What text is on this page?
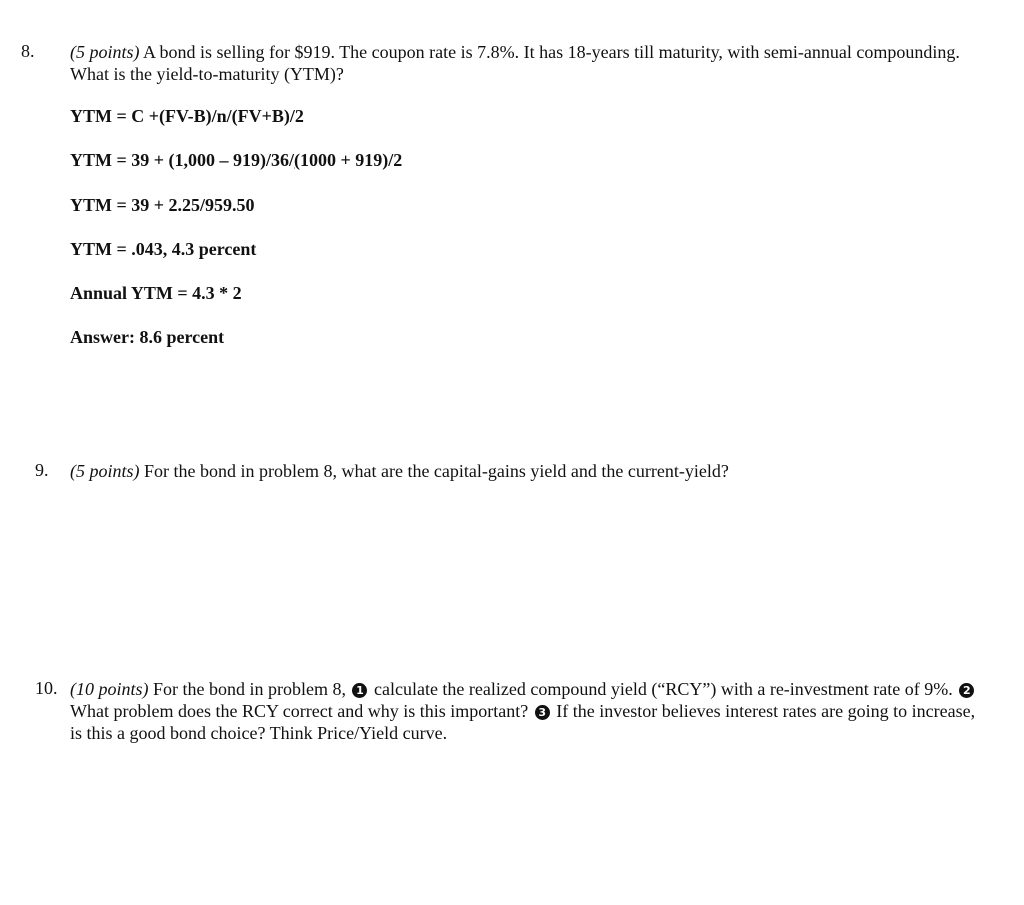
8. (5 points) A bond is selling for $919. The coupon rate is 7.8%. It has 18-years till maturity, with semi-annual compounding. What is the yield-to-maturity (YTM)?
YTM = C +(FV-B)/n/(FV+B)/2
YTM = 39 + (1,000 – 919)/36/(1000 + 919)/2
YTM = 39 + 2.25/959.50
YTM = .043, 4.3 percent
Annual YTM = 4.3 * 2
Answer: 8.6 percent
9. (5 points) For the bond in problem 8, what are the capital-gains yield and the current-yield?
10. (10 points) For the bond in problem 8, 1 calculate the realized compound yield (“RCY”) with a re-investment rate of 9%. 2 What problem does the RCY correct and why is this important? 3 If the investor believes interest rates are going to increase, is this a good bond choice? Think Price/Yield curve.
